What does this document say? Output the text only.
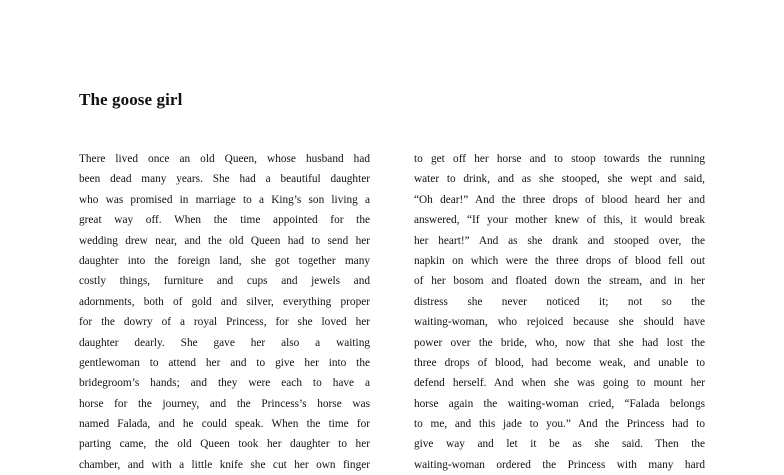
The goose girl
There lived once an old Queen, whose husband had
been dead many years. She had a beautiful daughter
who was promised in marriage to a King’s son living a
great way off. When the time appointed for the
wedding drew near, and the old Queen had to send her
daughter into the foreign land, she got together many
costly things, furniture and cups and jewels and
adornments, both of gold and silver, everything proper
for the dowry of a royal Princess, for she loved her
daughter dearly. She gave her also a waiting
gentlewoman to attend her and to give her into the
bridegroom’s hands; and they were each to have a
horse for the journey, and the Princess’s horse was
named Falada, and he could speak. When the time for
parting came, the old Queen took her daughter to her
chamber, and with a little knife she cut her own finger
to get off her horse and to stoop towards the running
water to drink, and as she stooped, she wept and said,
“Oh dear!” And the three drops of blood heard her and
answered, “If your mother knew of this, it would break
her heart!” And as she drank and stooped over, the
napkin on which were the three drops of blood fell out
of her bosom and floated down the stream, and in her
distress she never noticed it; not so the
waiting-woman, who rejoiced because she should have
power over the bride, who, now that she had lost the
three drops of blood, had become weak, and unable to
defend herself. And when she was going to mount her
horse again the waiting-woman cried, “Falada belongs
to me, and this jade to you.” And the Princess had to
give way and let it be as she said. Then the
waiting-woman ordered the Princess with many hard
